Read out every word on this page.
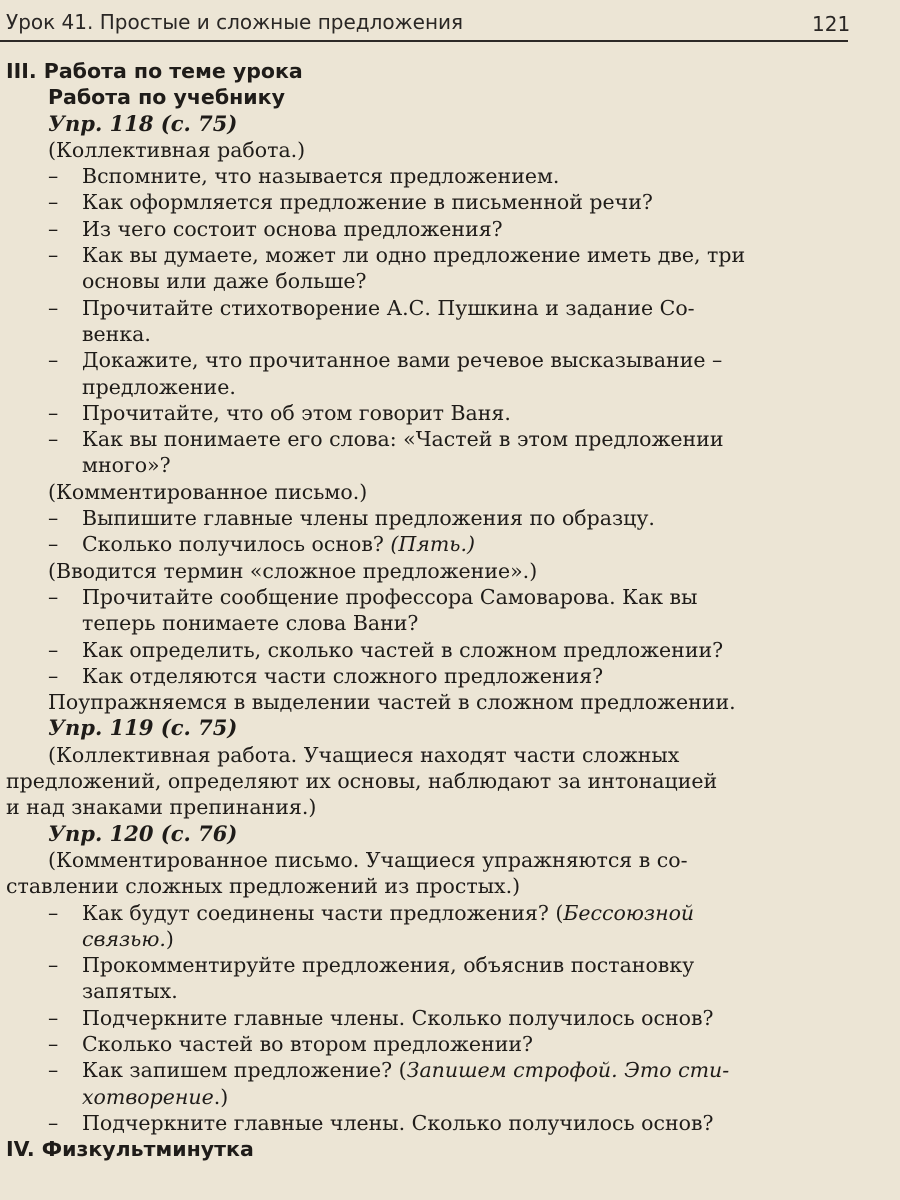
Урок 41. Простые и сложные предложения	121
III. Работа по теме урока
Работа по учебнику
Упр. 118 (с. 75)
(Коллективная работа.)
– Вспомните, что называется предложением.
– Как оформляется предложение в письменной речи?
– Из чего состоит основа предложения?
– Как вы думаете, может ли одно предложение иметь две, три
основы или даже больше?
– Прочитайте стихотворение А.С. Пушкина и задание Со-
венка.
– Докажите, что прочитанное вами речевое высказывание –
предложение.
– Прочитайте, что об этом говорит Ваня.
– Как вы понимаете его слова: «Частей в этом предложении
много»?
(Комментированное письмо.)
– Выпишите главные члены предложения по образцу.
– Сколько получилось основ? (Пять.)
(Вводится термин «сложное предложение».)
– Прочитайте сообщение профессора Самоварова. Как вы
теперь понимаете слова Вани?
– Как определить, сколько частей в сложном предложении?
– Как отделяются части сложного предложения?
Поупражняемся в выделении частей в сложном предложении.
Упр. 119 (с. 75)
(Коллективная работа. Учащиеся находят части сложных
предложений, определяют их основы, наблюдают за интонацией
и над знаками препинания.)
Упр. 120 (с. 76)
(Комментированное письмо. Учащиеся упражняются в со-
ставлении сложных предложений из простых.)
– Как будут соединены части предложения? (Бессоюзной
связью.)
– Прокомментируйте предложения, объяснив постановку
запятых.
– Подчеркните главные члены. Сколько получилось основ?
– Сколько частей во втором предложении?
– Как запишем предложение? (Запишем строфой. Это сти-
хотворение.)
– Подчеркните главные члены. Сколько получилось основ?
IV. Физкультминутка
